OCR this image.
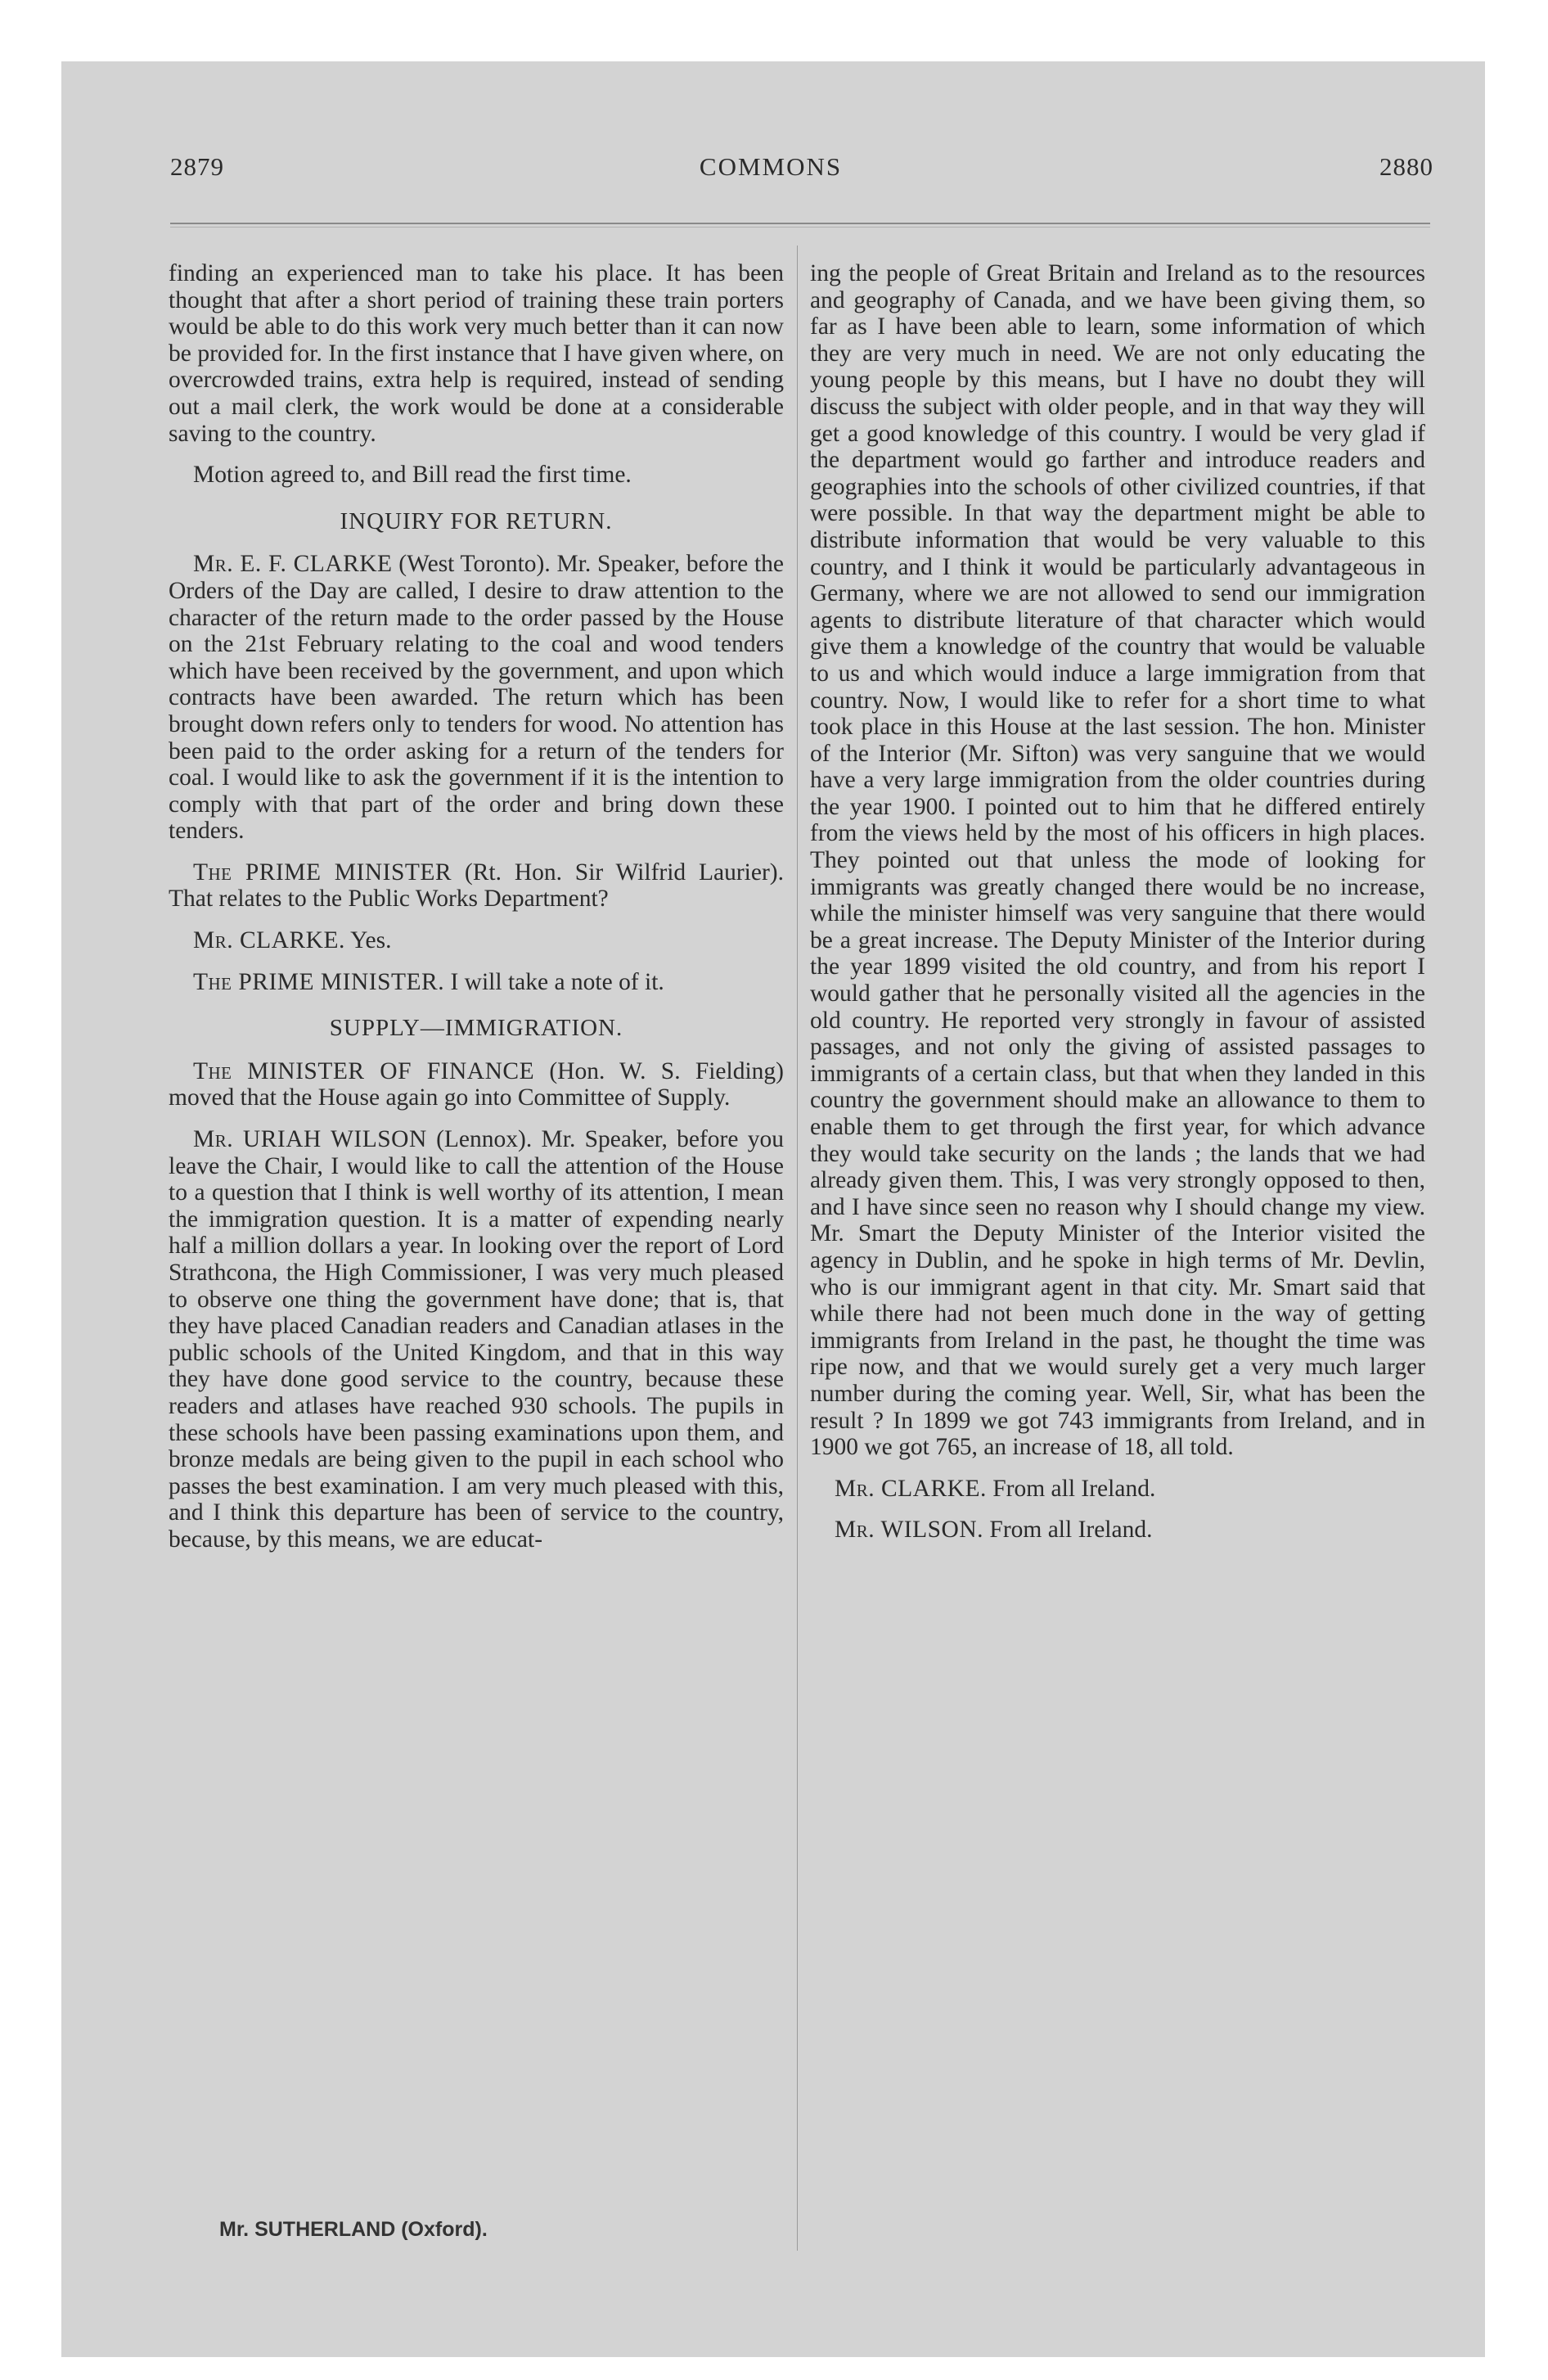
2879	COMMONS	2880

finding an experienced man to take his place. It has been thought that after a short period of training these train porters would be able to do this work very much better than it can now be provided for. In the first instance that I have given where, on overcrowded trains, extra help is required, instead of sending out a mail clerk, the work would be done at a considerable saving to the country.

Motion agreed to, and Bill read the first time.

INQUIRY FOR RETURN.

Mr. E. F. CLARKE (West Toronto). Mr. Speaker, before the Orders of the Day are called, I desire to draw attention to the character of the return made to the order passed by the House on the 21st February relating to the coal and wood tenders which have been received by the government, and upon which contracts have been awarded. The return which has been brought down refers only to tenders for wood. No attention has been paid to the order asking for a return of the tenders for coal. I would like to ask the government if it is the intention to comply with that part of the order and bring down these tenders.

The PRIME MINISTER (Rt. Hon. Sir Wilfrid Laurier). That relates to the Public Works Department?

Mr. CLARKE. Yes.

The PRIME MINISTER. I will take a note of it.

SUPPLY—IMMIGRATION.

The MINISTER OF FINANCE (Hon. W. S. Fielding) moved that the House again go into Committee of Supply.

Mr. URIAH WILSON (Lennox). Mr. Speaker, before you leave the Chair, I would like to call the attention of the House to a question that I think is well worthy of its attention, I mean the immigration question. It is a matter of expending nearly half a million dollars a year. In looking over the report of Lord Strathcona, the High Commissioner, I was very much pleased to observe one thing the government have done; that is, that they have placed Canadian readers and Canadian atlases in the public schools of the United Kingdom, and that in this way they have done good service to the country, because these readers and atlases have reached 930 schools. The pupils in these schools have been passing examinations upon them, and bronze medals are being given to the pupil in each school who passes the best examination. I am very much pleased with this, and I think this departure has been of service to the country, because, by this means, we are educat-

ing the people of Great Britain and Ireland as to the resources and geography of Canada, and we have been giving them, so far as I have been able to learn, some information of which they are very much in need. We are not only educating the young people by this means, but I have no doubt they will discuss the subject with older people, and in that way they will get a good knowledge of this country. I would be very glad if the department would go farther and introduce readers and geographies into the schools of other civilized countries, if that were possible. In that way the department might be able to distribute information that would be very valuable to this country, and I think it would be particularly advantageous in Germany, where we are not allowed to send our immigration agents to distribute literature of that character which would give them a knowledge of the country that would be valuable to us and which would induce a large immigration from that country. Now, I would like to refer for a short time to what took place in this House at the last session. The hon. Minister of the Interior (Mr. Sifton) was very sanguine that we would have a very large immigration from the older countries during the year 1900. I pointed out to him that he differed entirely from the views held by the most of his officers in high places. They pointed out that unless the mode of looking for immigrants was greatly changed there would be no increase, while the minister himself was very sanguine that there would be a great increase. The Deputy Minister of the Interior during the year 1899 visited the old country, and from his report I would gather that he personally visited all the agencies in the old country. He reported very strongly in favour of assisted passages, and not only the giving of assisted passages to immigrants of a certain class, but that when they landed in this country the government should make an allowance to them to enable them to get through the first year, for which advance they would take security on the lands ; the lands that we had already given them. This, I was very strongly opposed to then, and I have since seen no reason why I should change my view. Mr. Smart the Deputy Minister of the Interior visited the agency in Dublin, and he spoke in high terms of Mr. Devlin, who is our immigrant agent in that city. Mr. Smart said that while there had not been much done in the way of getting immigrants from Ireland in the past, he thought the time was ripe now, and that we would surely get a very much larger number during the coming year. Well, Sir, what has been the result ? In 1899 we got 743 immigrants from Ireland, and in 1900 we got 765, an increase of 18, all told.

Mr. CLARKE. From all Ireland.

Mr. WILSON. From all Ireland.

Mr. SUTHERLAND (Oxford).
